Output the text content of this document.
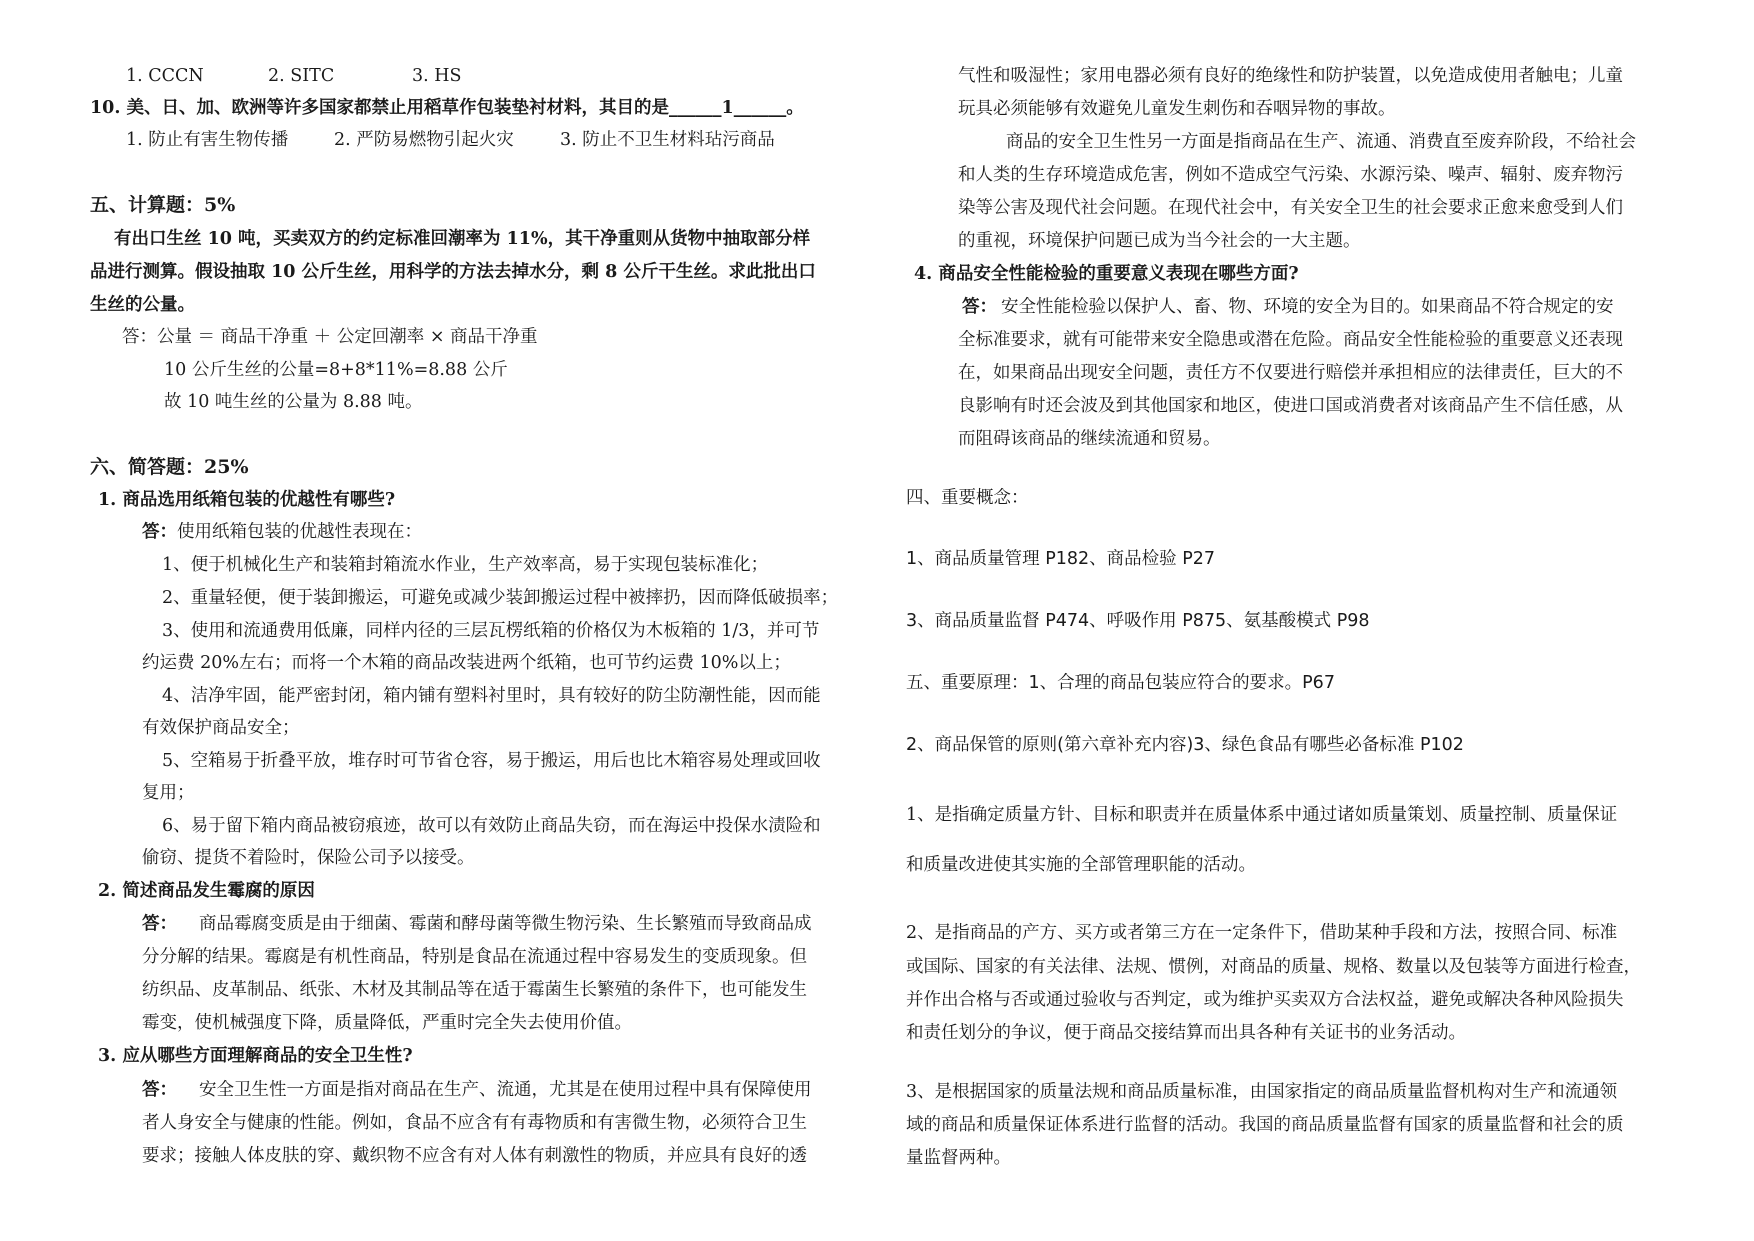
1. CCCN	2. SITC	3. HS
10. 美、日、加、欧洲等许多国家都禁止用稻草作包装垫衬材料，其目的是______1______。
1. 防止有害生物传播	2. 严防易燃物引起火灾	3. 防止不卫生材料玷污商品
五、计算题：5%
有出口生丝 10 吨，买卖双方的约定标准回潮率为 11%，其干净重则从货物中抽取部分样
品进行测算。假设抽取 10 公斤生丝，用科学的方法去掉水分，剩 8 公斤干生丝。求此批出口
生丝的公量。
答：公量 ＝ 商品干净重 ＋ 公定回潮率 × 商品干净重
10 公斤生丝的公量=8+8*11%=8.88 公斤
故 10 吨生丝的公量为 8.88 吨。
六、简答题：25%
1. 商品选用纸箱包装的优越性有哪些?
答：使用纸箱包装的优越性表现在：
1、便于机械化生产和装箱封箱流水作业，生产效率高，易于实现包装标准化；
2、重量轻便，便于装卸搬运，可避免或减少装卸搬运过程中被摔扔，因而降低破损率；
3、使用和流通费用低廉，同样内径的三层瓦楞纸箱的价格仅为木板箱的 1/3，并可节
约运费 20%左右；而将一个木箱的商品改装进两个纸箱，也可节约运费 10%以上；
4、洁净牢固，能严密封闭，箱内铺有塑料衬里时，具有较好的防尘防潮性能，因而能
有效保护商品安全；
5、空箱易于折叠平放，堆存时可节省仓容，易于搬运，用后也比木箱容易处理或回收
复用；
6、易于留下箱内商品被窃痕迹，故可以有效防止商品失窃，而在海运中投保水渍险和
偷窃、提货不着险时，保险公司予以接受。
2. 简述商品发生霉腐的原因
答： 商品霉腐变质是由于细菌、霉菌和酵母菌等微生物污染、生长繁殖而导致商品成
分分解的结果。霉腐是有机性商品，特别是食品在流通过程中容易发生的变质现象。但
纺织品、皮革制品、纸张、木材及其制品等在适于霉菌生长繁殖的条件下，也可能发生
霉变，使机械强度下降，质量降低，严重时完全失去使用价值。
3. 应从哪些方面理解商品的安全卫生性?
答： 安全卫生性一方面是指对商品在生产、流通，尤其是在使用过程中具有保障使用
者人身安全与健康的性能。例如，食品不应含有有毒物质和有害微生物，必须符合卫生
要求；接触人体皮肤的穿、戴织物不应含有对人体有刺激性的物质，并应具有良好的透
气性和吸湿性；家用电器必须有良好的绝缘性和防护装置，以免造成使用者触电；儿童
玩具必须能够有效避免儿童发生刺伤和吞咽异物的事故。
商品的安全卫生性另一方面是指商品在生产、流通、消费直至废弃阶段，不给社会
和人类的生存环境造成危害，例如不造成空气污染、水源污染、噪声、辐射、废弃物污
染等公害及现代社会问题。在现代社会中，有关安全卫生的社会要求正愈来愈受到人们
的重视，环境保护问题已成为当今社会的一大主题。
4. 商品安全性能检验的重要意义表现在哪些方面?
答： 安全性能检验以保护人、畜、物、环境的安全为目的。如果商品不符合规定的安
全标准要求，就有可能带来安全隐患或潜在危险。商品安全性能检验的重要意义还表现
在，如果商品出现安全问题，责任方不仅要进行赔偿并承担相应的法律责任，巨大的不
良影响有时还会波及到其他国家和地区，使进口国或消费者对该商品产生不信任感，从
而阻碍该商品的继续流通和贸易。
四、重要概念：
1、商品质量管理 P182、商品检验 P27
3、商品质量监督 P474、呼吸作用 P875、氨基酸模式 P98
五、重要原理：1、合理的商品包装应符合的要求。P67
2、商品保管的原则(第六章补充内容)3、绿色食品有哪些必备标准 P102
1、是指确定质量方针、目标和职责并在质量体系中通过诸如质量策划、质量控制、质量保证
和质量改进使其实施的全部管理职能的活动。
2、是指商品的产方、买方或者第三方在一定条件下，借助某种手段和方法，按照合同、标准
或国际、国家的有关法律、法规、惯例，对商品的质量、规格、数量以及包装等方面进行检查，
并作出合格与否或通过验收与否判定，或为维护买卖双方合法权益，避免或解决各种风险损失
和责任划分的争议，便于商品交接结算而出具各种有关证书的业务活动。
3、是根据国家的质量法规和商品质量标准，由国家指定的商品质量监督机构对生产和流通领
域的商品和质量保证体系进行监督的活动。我国的商品质量监督有国家的质量监督和社会的质
量监督两种。
